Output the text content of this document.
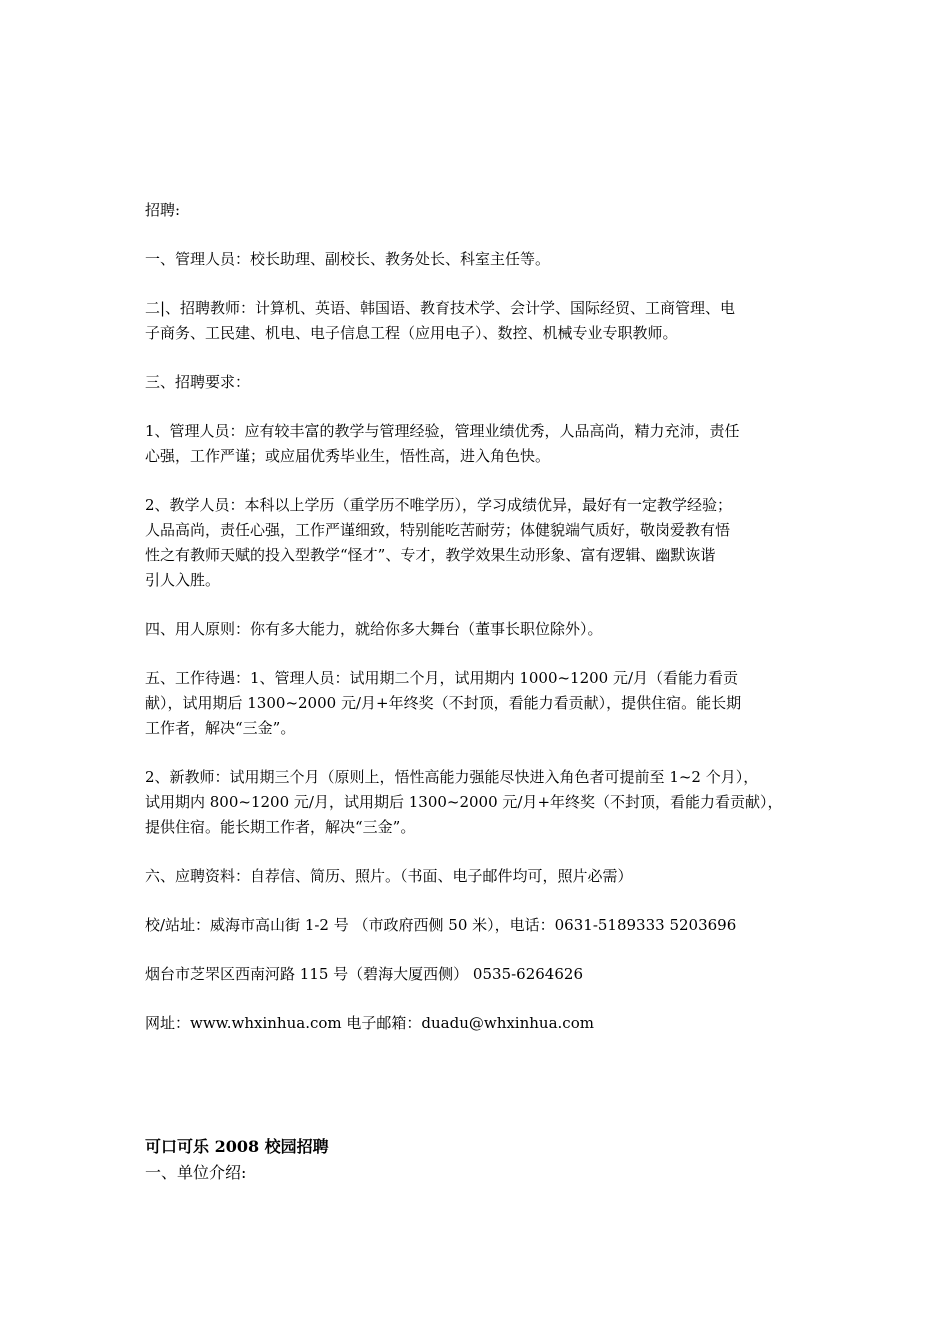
招聘:

一、管理人员：校长助理、副校长、教务处长、科室主任等。

二|、招聘教师：计算机、英语、韩国语、教育技术学、会计学、国际经贸、工商管理、电
子商务、工民建、机电、电子信息工程（应用电子）、数控、机械专业专职教师。

三、招聘要求：

1、管理人员：应有较丰富的教学与管理经验，管理业绩优秀，人品高尚，精力充沛，责任
心强，工作严谨；或应届优秀毕业生，悟性高，进入角色快。

2、教学人员：本科以上学历（重学历不唯学历），学习成绩优异，最好有一定教学经验；
人品高尚，责任心强，工作严谨细致，特别能吃苦耐劳；体健貌端气质好，敬岗爱教有悟
性之有教师天赋的投入型教学“怪才”、专才，教学效果生动形象、富有逻辑、幽默诙谐
引人入胜。

四、用人原则：你有多大能力，就给你多大舞台（董事长职位除外）。

五、工作待遇：1、管理人员：试用期二个月，试用期内 1000~1200 元/月（看能力看贡
献），试用期后 1300~2000 元/月+年终奖（不封顶，看能力看贡献），提供住宿。能长期
工作者，解决“三金”。

2、新教师：试用期三个月（原则上，悟性高能力强能尽快进入角色者可提前至 1~2 个月），
试用期内 800~1200 元/月，试用期后 1300~2000 元/月+年终奖（不封顶，看能力看贡献），
提供住宿。能长期工作者，解决“三金”。

六、应聘资料：自荐信、简历、照片。（书面、电子邮件均可，照片必需）

校/站址：威海市高山街 1-2 号 （市政府西侧 50 米），电话：0631-5189333 5203696

烟台市芝罘区西南河路 115 号（碧海大厦西侧） 0535-6264626

网址：www.whxinhua.com 电子邮箱：duadu@whxinhua.com

可口可乐 2008 校园招聘

一、单位介绍:
